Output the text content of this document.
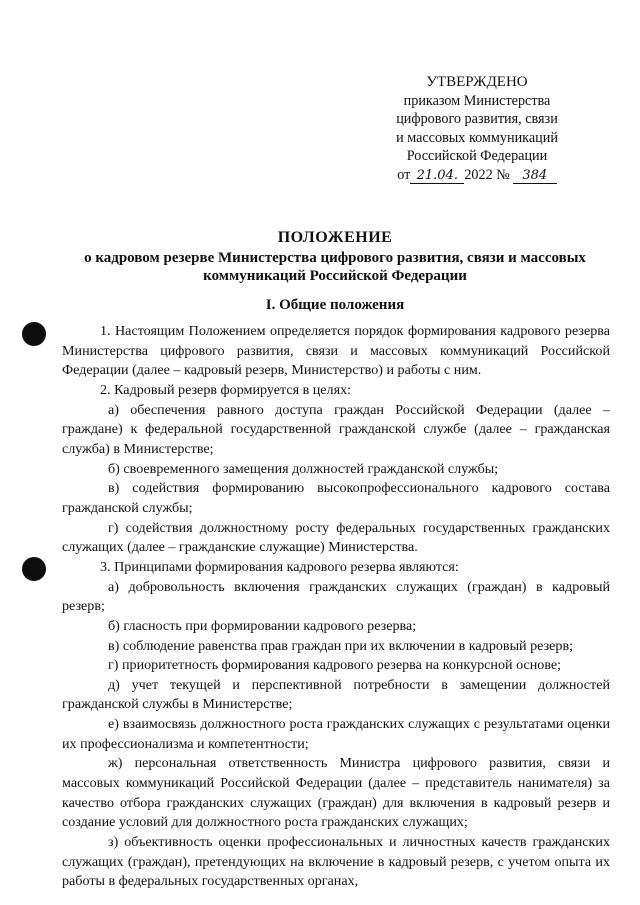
УТВЕРЖДЕНО
приказом Министерства
цифрового развития, связи
и массовых коммуникаций
Российской Федерации
от 21.04. 2022 № 384
ПОЛОЖЕНИЕ
о кадровом резерве Министерства цифрового развития, связи и массовых коммуникаций Российской Федерации
I. Общие положения

1. Настоящим Положением определяется порядок формирования кадрового резерва Министерства цифрового развития, связи и массовых коммуникаций Российской Федерации (далее – кадровый резерв, Министерство) и работы с ним.

2. Кадровый резерв формируется в целях:

а) обеспечения равного доступа граждан Российской Федерации (далее – граждане) к федеральной государственной гражданской службе (далее – гражданская служба) в Министерстве;

б) своевременного замещения должностей гражданской службы;

в) содействия формированию высокопрофессионального кадрового состава гражданской службы;

г) содействия должностному росту федеральных государственных гражданских служащих (далее – гражданские служащие) Министерства.

3. Принципами формирования кадрового резерва являются:

а) добровольность включения гражданских служащих (граждан) в кадровый резерв;

б) гласность при формировании кадрового резерва;

в) соблюдение равенства прав граждан при их включении в кадровый резерв;

г) приоритетность формирования кадрового резерва на конкурсной основе;

д) учет текущей и перспективной потребности в замещении должностей гражданской службы в Министерстве;

е) взаимосвязь должностного роста гражданских служащих с результатами оценки их профессионализма и компетентности;

ж) персональная ответственность Министра цифрового развития, связи и массовых коммуникаций Российской Федерации (далее – представитель нанимателя) за качество отбора гражданских служащих (граждан) для включения в кадровый резерв и создание условий для должностного роста гражданских служащих;

з) объективность оценки профессиональных и личностных качеств гражданских служащих (граждан), претендующих на включение в кадровый резерв, с учетом опыта их работы в федеральных государственных органах,
